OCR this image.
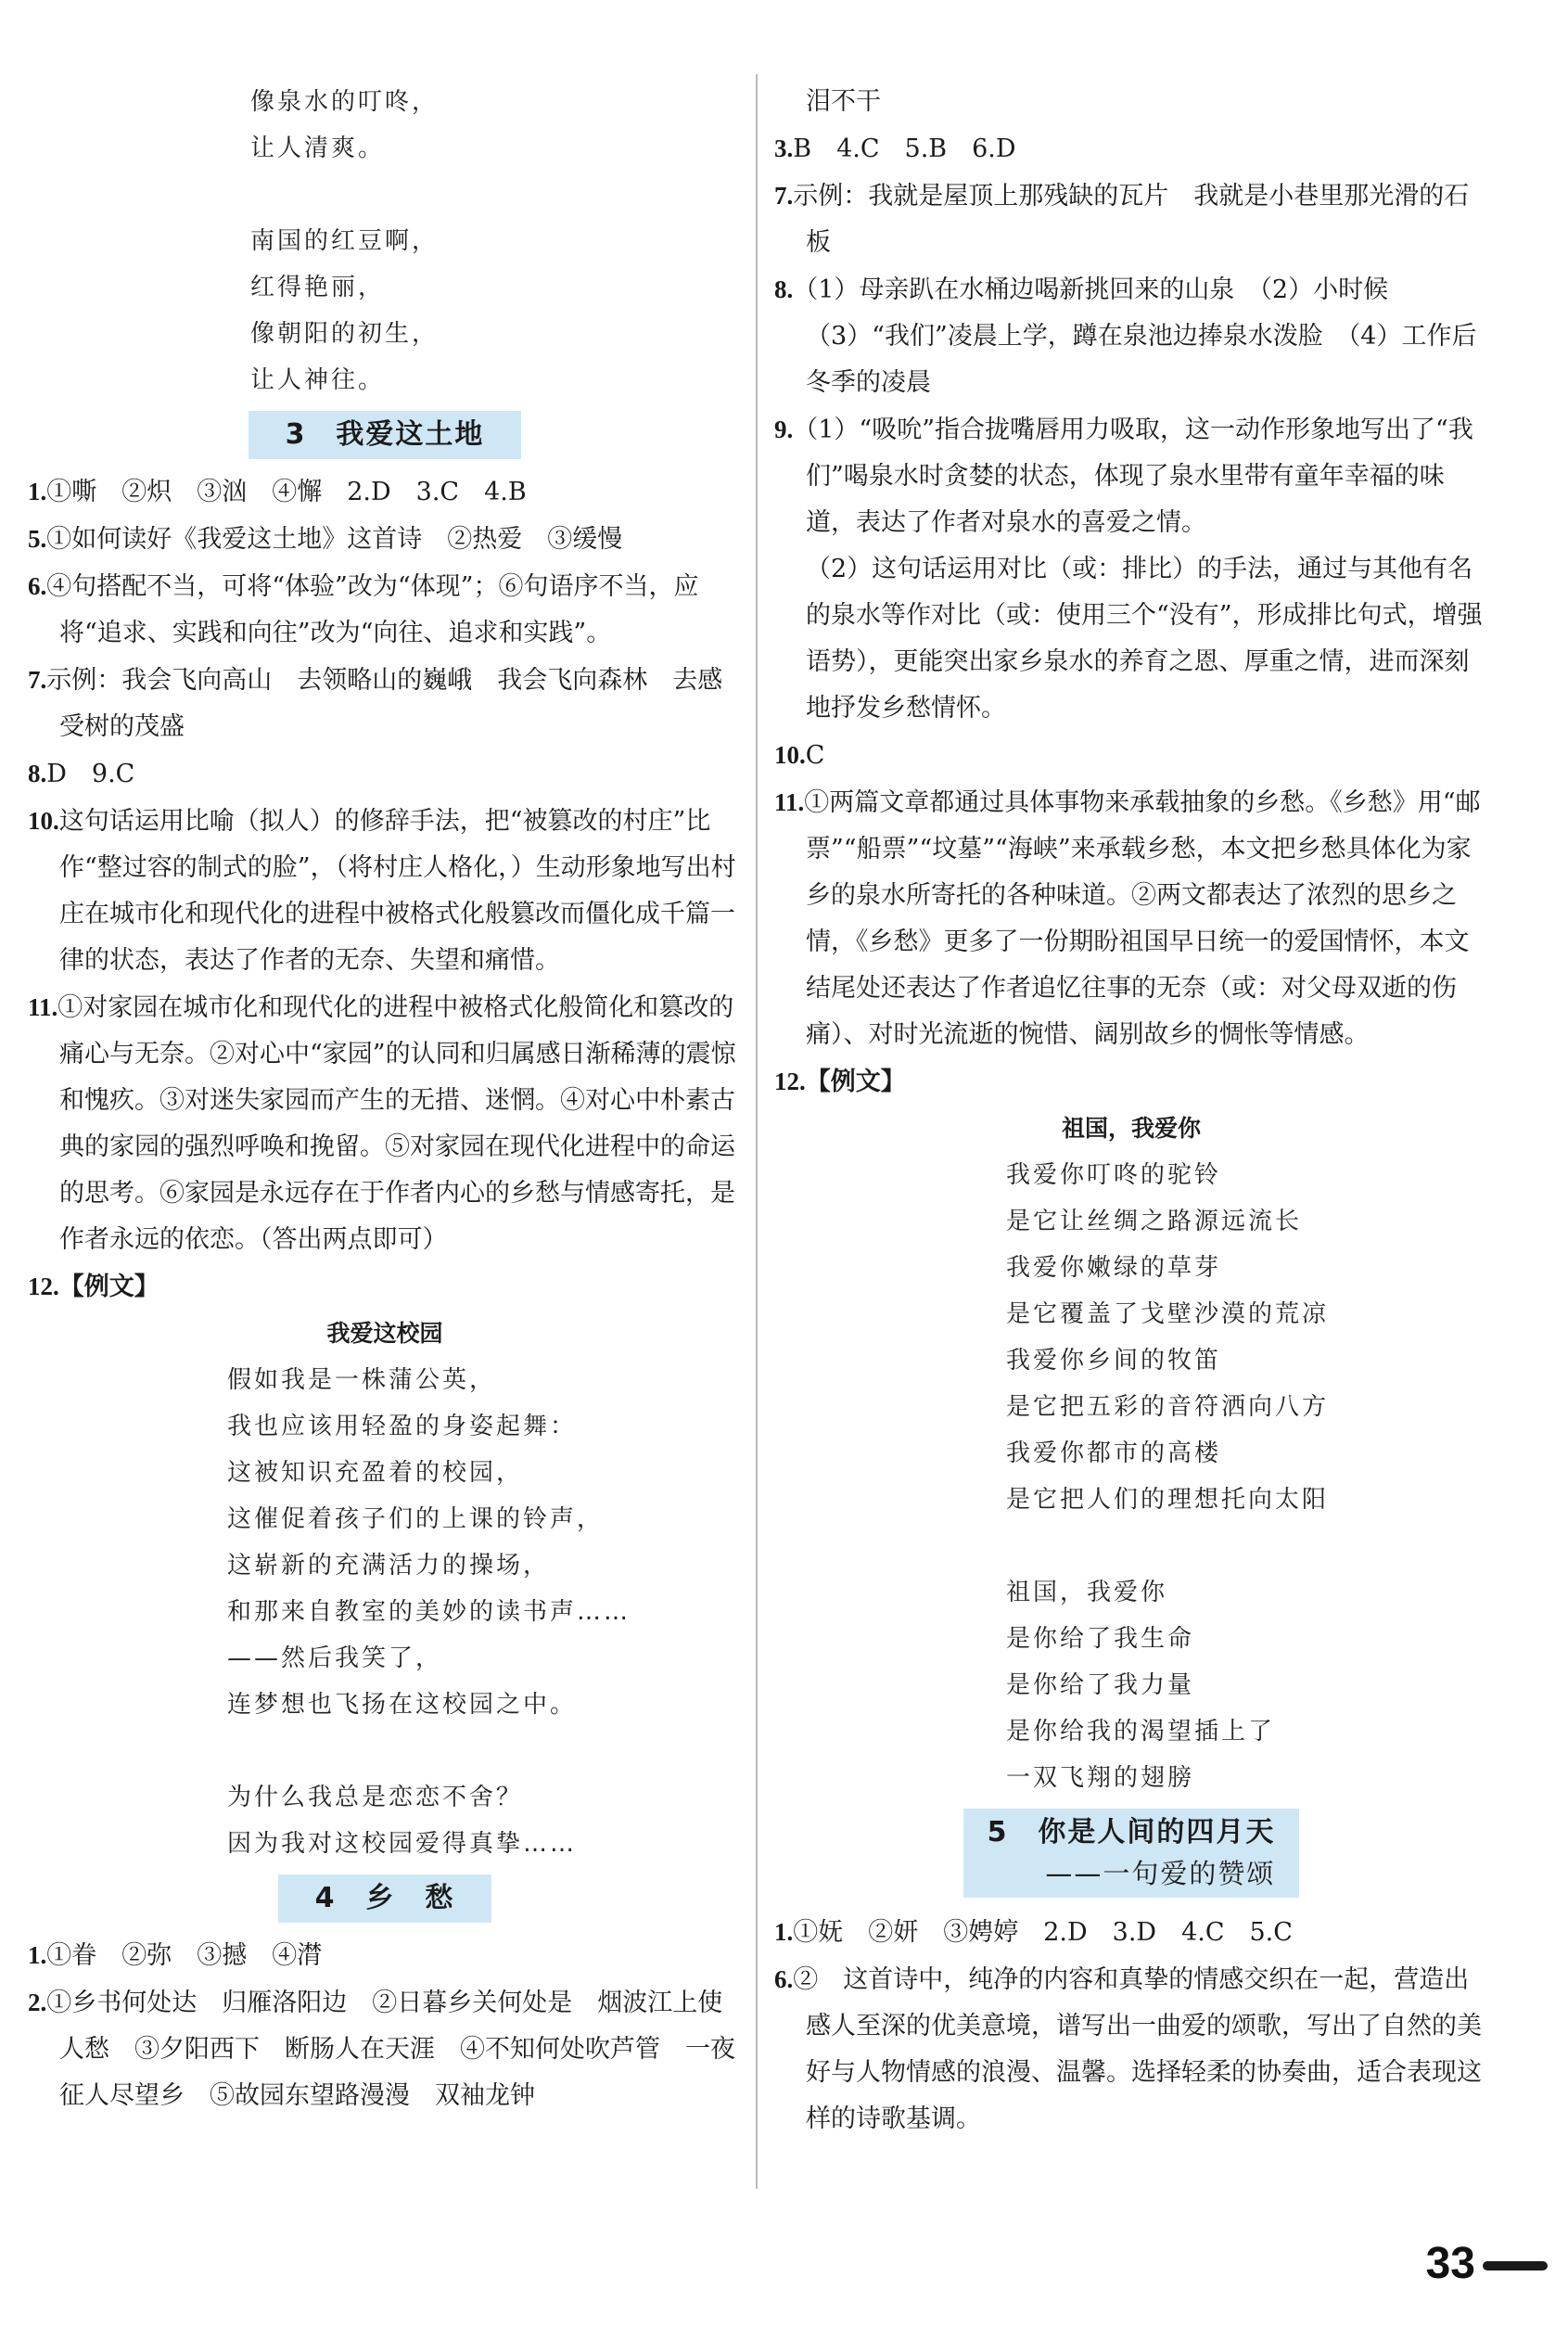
像泉水的叮咚，
让人清爽。
南国的红豆啊，
红得艳丽，
像朝阳的初生，
让人神往。
3　我爱这土地
1.①嘶　②炽　③汹　④懈　2.D　3.C　4.B
5.①如何读好《我爱这土地》这首诗　②热爱　③缓慢
6.④句搭配不当，可将“体验”改为“体现”；⑥句语序不当，应将“追求、实践和向往”改为“向往、追求和实践”。
7.示例：我会飞向高山　去领略山的巍峨　我会飞向森林　去感受树的茂盛
8.D　9.C
10.这句话运用比喻（拟人）的修辞手法，把“被篡改的村庄”比作“整过容的制式的脸”，（将村庄人格化，）生动形象地写出村庄在城市化和现代化的进程中被格式化般篡改而僵化成千篇一律的状态，表达了作者的无奈、失望和痛惜。
11.①对家园在城市化和现代化的进程中被格式化般简化和篡改的痛心与无奈。②对心中“家园”的认同和归属感日渐稀薄的震惊和愧疚。③对迷失家园而产生的无措、迷惘。④对心中朴素古典的家园的强烈呼唤和挽留。⑤对家园在现代化进程中的命运的思考。⑥家园是永远存在于作者内心的乡愁与情感寄托，是作者永远的依恋。（答出两点即可）
12.【例文】
我爱这校园
假如我是一株蒲公英，
我也应该用轻盈的身姿起舞：
这被知识充盈着的校园，
这催促着孩子们的上课的铃声，
这崭新的充满活力的操场，
和那来自教室的美妙的读书声……
——然后我笑了，
连梦想也飞扬在这校园之中。
为什么我总是恋恋不舍？
因为我对这校园爱得真挚……
4　乡　愁
1.①眷　②弥　③撼　④潸
2.①乡书何处达　归雁洛阳边　②日暮乡关何处是　烟波江上使人愁　③夕阳西下　断肠人在天涯　④不知何处吹芦管　一夜征人尽望乡　⑤故园东望路漫漫　双袖龙钟
泪不干
3.B　4.C　5.B　6.D
7.示例：我就是屋顶上那残缺的瓦片　我就是小巷里那光滑的石板
8.（1）母亲趴在水桶边喝新挑回来的山泉　（2）小时候　（3）“我们”凌晨上学，蹲在泉池边捧泉水泼脸　（4）工作后冬季的凌晨
9.（1）“吸吮”指合拢嘴唇用力吸取，这一动作形象地写出了“我们”喝泉水时贪婪的状态，体现了泉水里带有童年幸福的味道，表达了作者对泉水的喜爱之情。
（2）这句话运用对比（或：排比）的手法，通过与其他有名的泉水等作对比（或：使用三个“没有”，形成排比句式，增强语势），更能突出家乡泉水的养育之恩、厚重之情，进而深刻地抒发乡愁情怀。
10.C
11.①两篇文章都通过具体事物来承载抽象的乡愁。《乡愁》用“邮票”“船票”“坟墓”“海峡”来承载乡愁，本文把乡愁具体化为家乡的泉水所寄托的各种味道。②两文都表达了浓烈的思乡之情，《乡愁》更多了一份期盼祖国早日统一的爱国情怀，本文结尾处还表达了作者追忆往事的无奈（或：对父母双逝的伤痛）、对时光流逝的惋惜、阔别故乡的惆怅等情感。
12.【例文】
祖国，我爱你
我爱你叮咚的驼铃
是它让丝绸之路源远流长
我爱你嫩绿的草芽
是它覆盖了戈壁沙漠的荒凉
我爱你乡间的牧笛
是它把五彩的音符洒向八方
我爱你都市的高楼
是它把人们的理想托向太阳
祖国，我爱你
是你给了我生命
是你给了我力量
是你给我的渴望插上了
一双飞翔的翅膀
5　你是人间的四月天
——一句爱的赞颂
1.①妩　②妍　③娉婷　2.D　3.D　4.C　5.C
6.②　这首诗中，纯净的内容和真挚的情感交织在一起，营造出感人至深的优美意境，谱写出一曲爱的颂歌，写出了自然的美好与人物情感的浪漫、温馨。选择轻柔的协奏曲，适合表现这样的诗歌基调。
33
